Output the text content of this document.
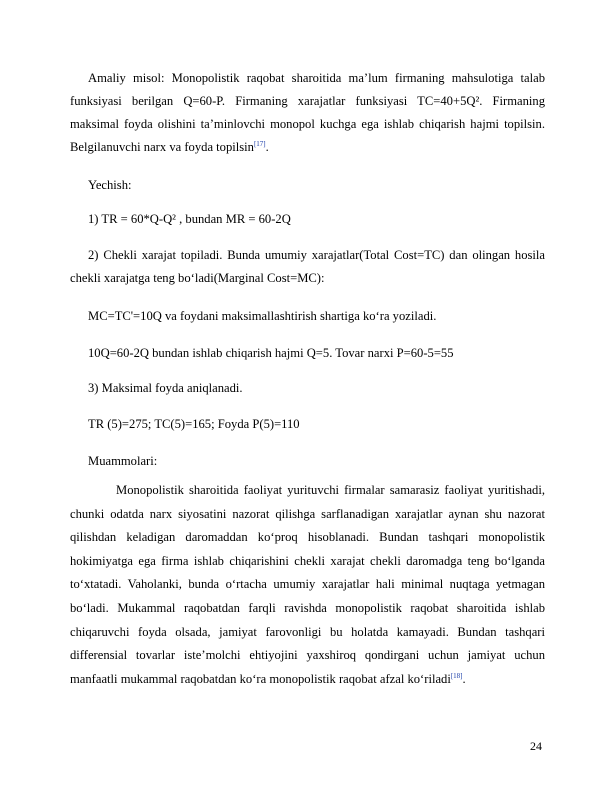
Amaliy misol: Monopolistik raqobat sharoitida maʼlum firmaning mahsulotiga talab funksiyasi berilgan Q=60-P. Firmaning xarajatlar funksiyasi TC=40+5Q². Firmaning maksimal foyda olishini taʼminlovchi monopol kuchga ega ishlab chiqarish hajmi topilsin. Belgilanuvchi narx va foyda topilsin[17].

Yechish:

1) TR = 60*Q-Q² , bundan MR = 60-2Q

2) Chekli xarajat topiladi. Bunda umumiy xarajatlar(Total Cost=TC) dan olingan hosila chekli xarajatga teng boʻladi(Marginal Cost=MC):

MC=TC'=10Q va foydani maksimallashtirish shartiga koʻra yoziladi.

10Q=60-2Q bundan ishlab chiqarish hajmi Q=5. Tovar narxi P=60-5=55

3) Maksimal foyda aniqlanadi.

TR (5)=275; TC(5)=165; Foyda P(5)=110

Muammolari:

Monopolistik sharoitida faoliyat yurituvchi firmalar samarasiz faoliyat yuritishadi, chunki odatda narx siyosatini nazorat qilishga sarflanadigan xarajatlar aynan shu nazorat qilishdan keladigan daromaddan koʻproq hisoblanadi. Bundan tashqari monopolistik hokimiyatga ega firma ishlab chiqarishini chekli xarajat chekli daromadga teng boʻlganda toʻxtatadi. Vaholanki, bunda oʻrtacha umumiy xarajatlar hali minimal nuqtaga yetmagan boʻladi. Mukammal raqobatdan farqli ravishda monopolistik raqobat sharoitida ishlab chiqaruvchi foyda olsada, jamiyat farovonligi bu holatda kamayadi. Bundan tashqari differensial tovarlar isteʼmolchi ehtiyojini yaxshiroq qondirgani uchun jamiyat uchun manfaatli mukammal raqobatdan koʻra monopolistik raqobat afzal koʻriladi[18].

24
